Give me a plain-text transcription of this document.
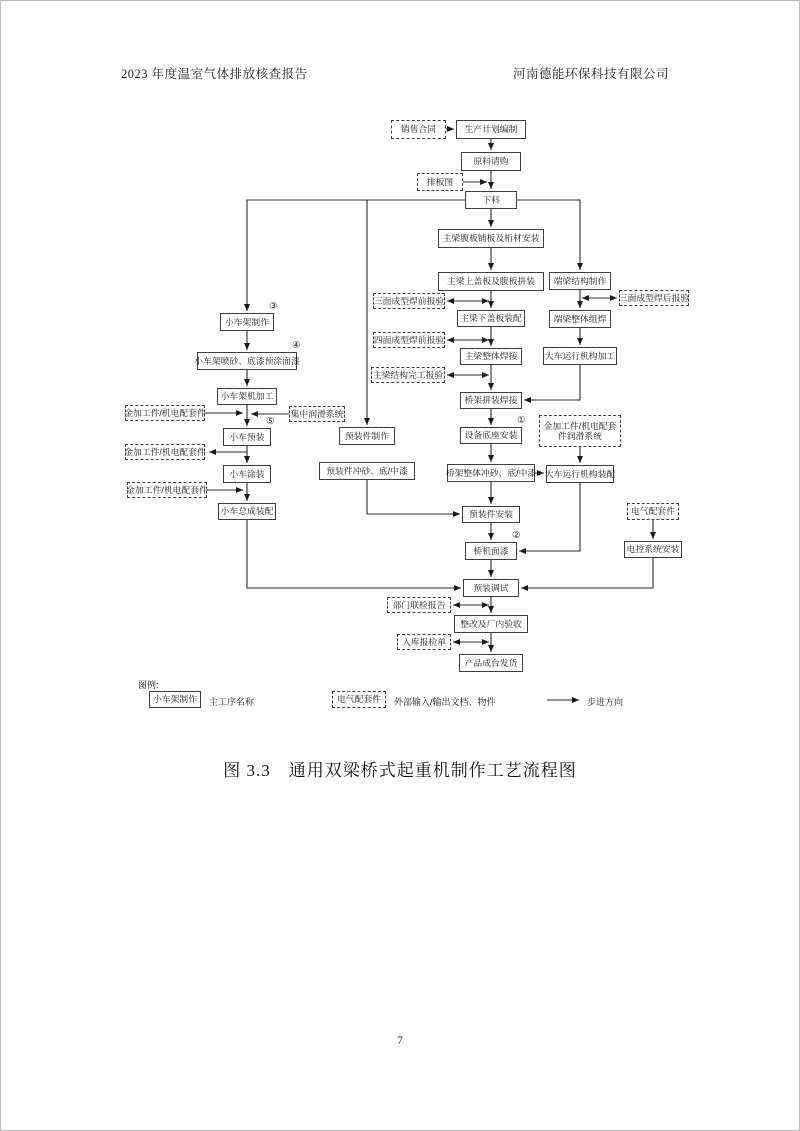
2023 年度温室气体排放核查报告	河南德能环保科技有限公司
销售合同	生产计划编制
原料请购
排板图
下料
主梁腹板铺板及桁材安装
主梁上盖板及腹板拼装
三面成型焊前报验
主梁下盖板装配
四面成型焊前报验
主梁整体焊接
主梁结构完工报验
桥架拼装焊接
设备底座安装
桥架整体冲砂、底/中漆
预装件安装
桥机面漆
预装调试
部门联检报告
整改及厂内验收
入库报检单
产品成台发货
小车架制作
小车架喷砂、底漆预涂面漆
小车架机加工
金加工件/机电配套件	集中润滑系统
小车预装
金加工件/机电配套件
小车涂装
金加工件/机电配套件
小车总成装配
预装件制作
预装件冲砂、底/中漆
端梁结构制作
三面成型焊后报验
端梁整体组焊
大车运行机构加工
金加工件/机电配套件润滑系统
大车运行机构装配
电气配套件
电控系统安装
①
②
③
④
⑤
图例:
小车架制作	主工序名称	电气配套件	外部输入/输出文档、物件	步进方向
图 3.3　通用双梁桥式起重机制作工艺流程图
7
